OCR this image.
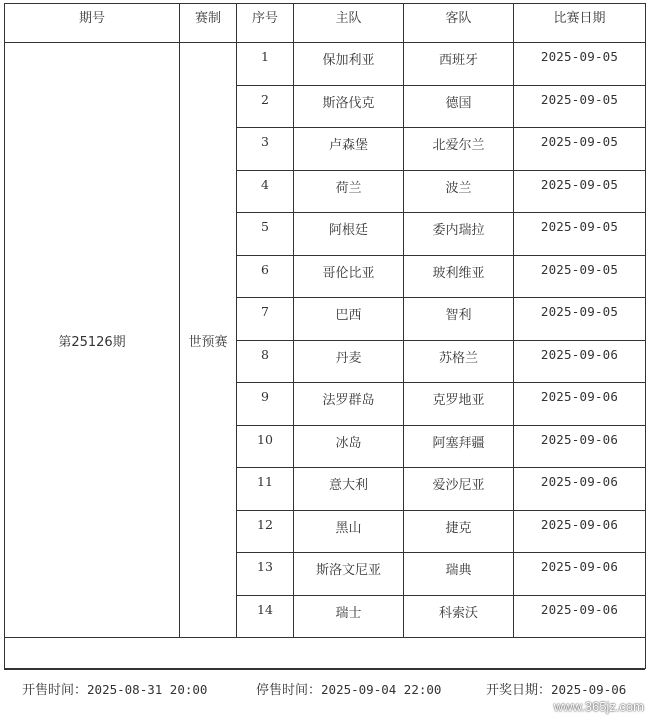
期号	赛制	序号	主队	客队	比赛日期
第25126期	世预赛	1	保加利亚	西班牙	2025-09-05
		2	斯洛伐克	德国	2025-09-05
		3	卢森堡	北爱尔兰	2025-09-05
		4	荷兰	波兰	2025-09-05
		5	阿根廷	委内瑞拉	2025-09-05
		6	哥伦比亚	玻利维亚	2025-09-05
		7	巴西	智利	2025-09-05
		8	丹麦	苏格兰	2025-09-06
		9	法罗群岛	克罗地亚	2025-09-06
		10	冰岛	阿塞拜疆	2025-09-06
		11	意大利	爱沙尼亚	2025-09-06
		12	黑山	捷克	2025-09-06
		13	斯洛文尼亚	瑞典	2025-09-06
		14	瑞士	科索沃	2025-09-06

开售时间：2025-08-31 20:00	停售时间：2025-09-04 22:00	开奖日期：2025-09-06
www.365jz.com
